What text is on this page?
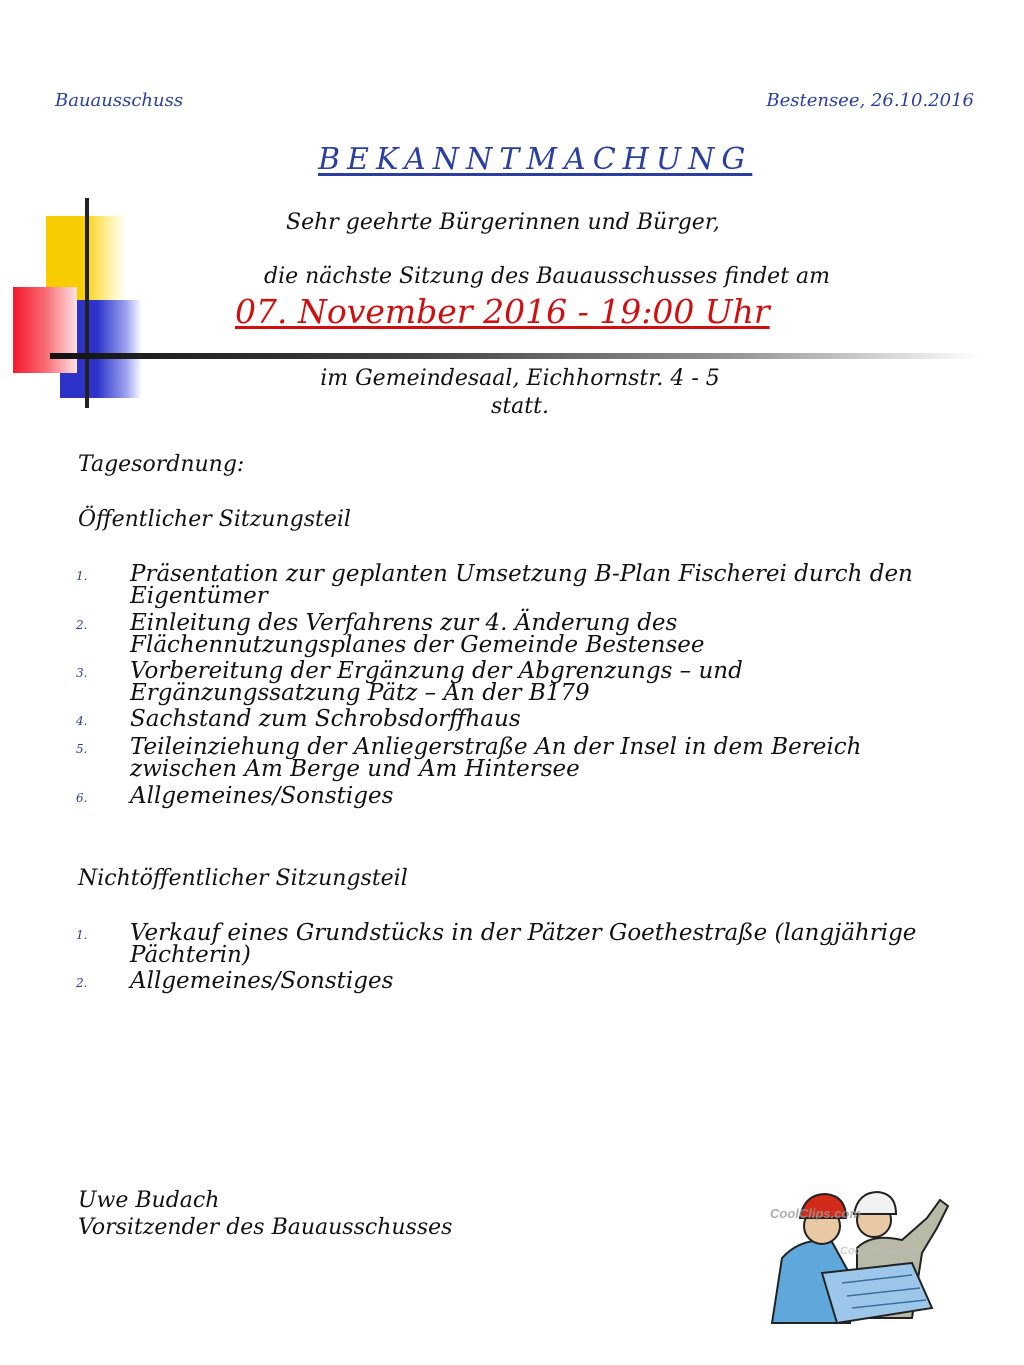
Bauausschuss	Bestensee, 26.10.2016
BEKANNTMACHUNG
Sehr geehrte Bürgerinnen und Bürger,
die nächste Sitzung des Bauausschusses findet am
07. November 2016 - 19:00 Uhr
im Gemeindesaal, Eichhornstr. 4 - 5
statt.
Tagesordnung:
Öffentlicher Sitzungsteil
1. Präsentation zur geplanten Umsetzung B-Plan Fischerei durch den Eigentümer
2. Einleitung des Verfahrens zur 4. Änderung des Flächennutzungsplanes der Gemeinde Bestensee
3. Vorbereitung der Ergänzung der Abgrenzungs – und Ergänzungssatzung Pätz – An der B179
4. Sachstand zum Schrobsdorffhaus
5. Teileinziehung der Anliegerstraße An der Insel in dem Bereich zwischen Am Berge und Am Hintersee
6. Allgemeines/Sonstiges
Nichtöffentlicher Sitzungsteil
1. Verkauf eines Grundstücks in der Pätzer Goethestraße (langjährige Pächterin)
2. Allgemeines/Sonstiges
Uwe Budach
Vorsitzender des Bauausschusses
CoolClips.com
CoolClips.com
